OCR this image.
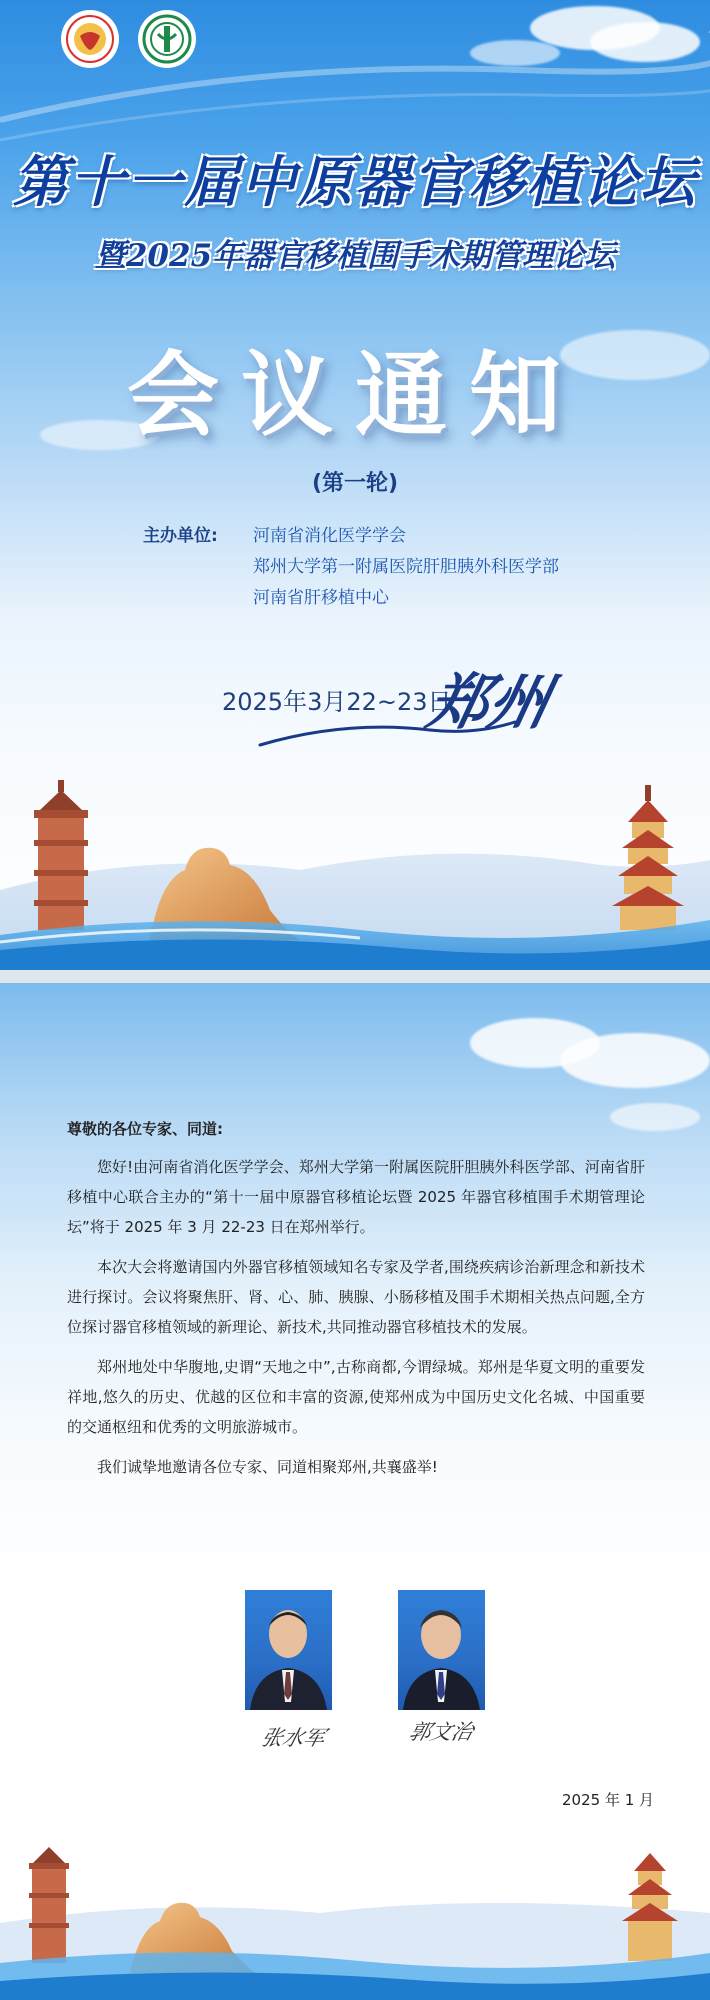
第十一届中原器官移植论坛
暨2025年器官移植围手术期管理论坛
会议通知
(第一轮)
主办单位: 河南省消化医学学会
郑州大学第一附属医院肝胆胰外科医学部
河南省肝移植中心
2025年3月22~23日
郑州
尊敬的各位专家、同道:

您好!由河南省消化医学学会、郑州大学第一附属医院肝胆胰外科医学部、河南省肝移植中心联合主办的“第十一届中原器官移植论坛暨 2025 年器官移植围手术期管理论坛”将于 2025 年 3 月 22-23 日在郑州举行。

本次大会将邀请国内外器官移植领域知名专家及学者,围绕疾病诊治新理念和新技术进行探讨。会议将聚焦肝、肾、心、肺、胰腺、小肠移植及围手术期相关热点问题,全方位探讨器官移植领域的新理论、新技术,共同推动器官移植技术的发展。

郑州地处中华腹地,史谓“天地之中”,古称商都,今谓绿城。郑州是华夏文明的重要发祥地,悠久的历史、优越的区位和丰富的资源,使郑州成为中国历史文化名城、中国重要的交通枢纽和优秀的文明旅游城市。

我们诚挚地邀请各位专家、同道相聚郑州,共襄盛举!

张水军	郭文治
2025 年 1 月
